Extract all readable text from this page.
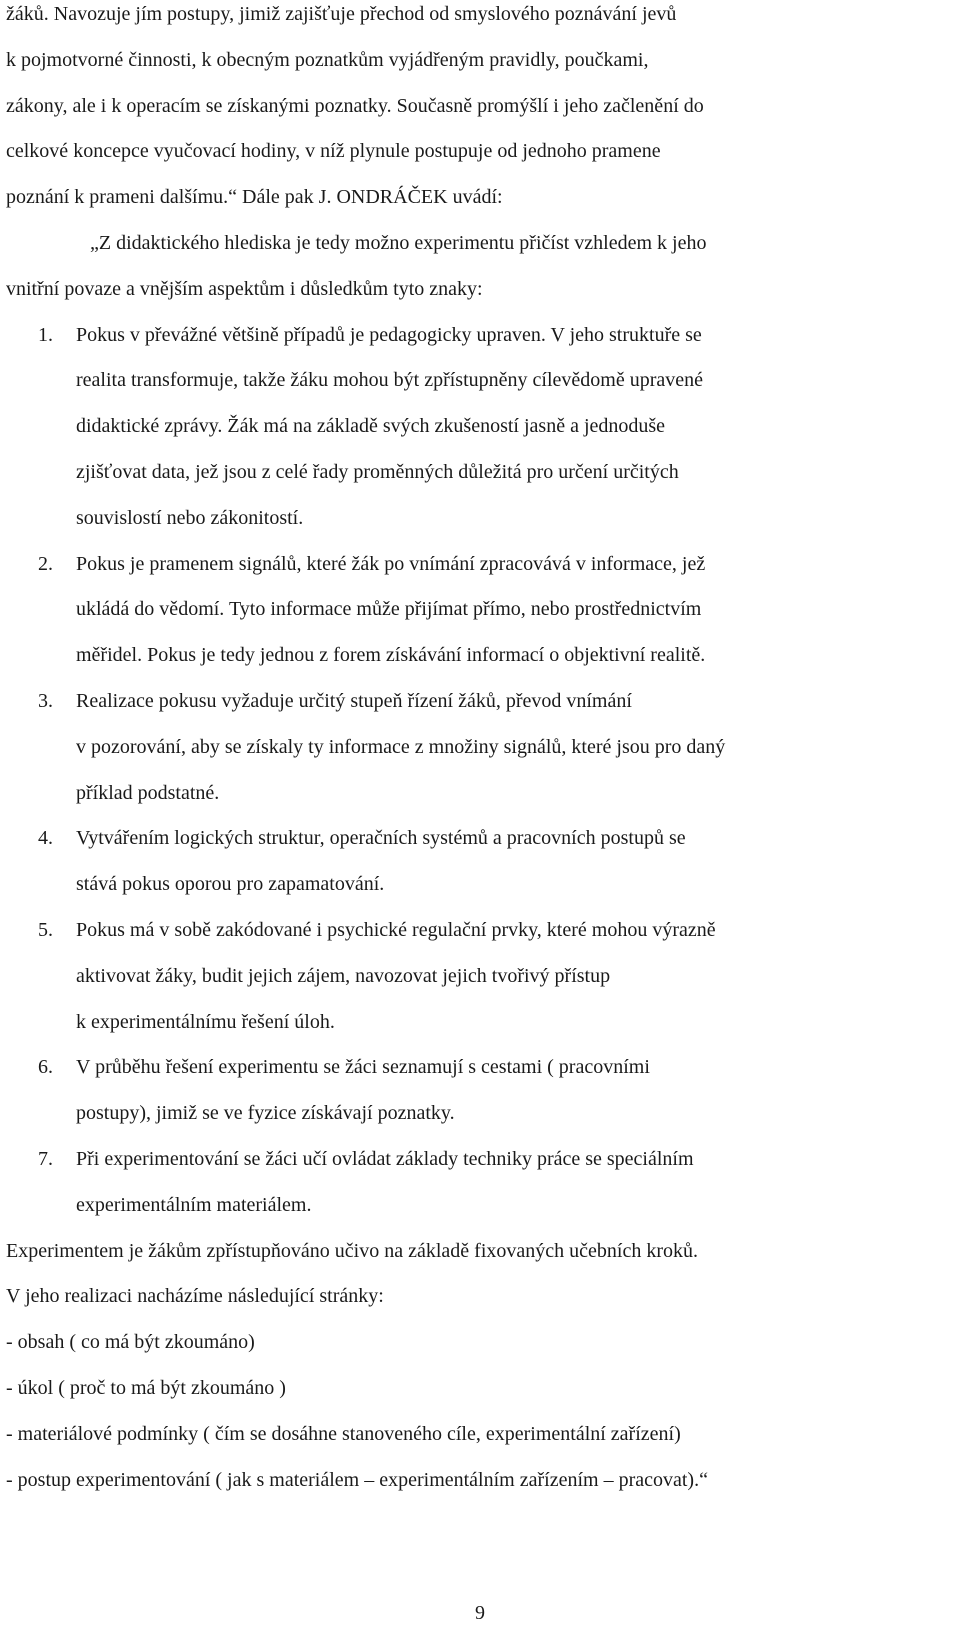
žáků. Navozuje jím postupy, jimiž zajišťuje přechod od smyslového poznávání jevů
k pojmotvorné činnosti, k obecným poznatkům vyjádřeným pravidly, poučkami,
zákony, ale i k operacím se získanými poznatky. Současně promýšlí i jeho začlenění do
celkové koncepce vyučovací hodiny, v níž plynule postupuje od jednoho pramene
poznání k prameni dalšímu.“ Dále pak J. ONDRÁČEK uvádí:
„Z didaktického hlediska je tedy možno experimentu přičíst vzhledem k jeho
vnitřní povaze a vnějším aspektům i důsledkům tyto znaky:
1.	Pokus v převážné většině případů je pedagogicky upraven. V jeho struktuře se
realita transformuje, takže žáku mohou být zpřístupněny cílevědomě upravené
didaktické zprávy. Žák má na základě svých zkušeností jasně a jednoduše
zjišťovat data, jež jsou z celé řady proměnných důležitá pro určení určitých
souvislostí nebo zákonitostí.
2.	Pokus je pramenem signálů, které žák po vnímání zpracovává v informace, jež
ukládá do vědomí. Tyto informace může přijímat přímo, nebo prostřednictvím
měřidel. Pokus je tedy jednou z forem získávání informací o objektivní realitě.
3.	Realizace pokusu vyžaduje určitý stupeň řízení žáků, převod vnímání
v pozorování, aby se získaly ty informace z množiny signálů, které jsou pro daný
příklad podstatné.
4.	Vytvářením logických struktur, operačních systémů a pracovních postupů se
stává pokus oporou pro zapamatování.
5.	Pokus má v sobě zakódované i psychické regulační prvky, které mohou výrazně
aktivovat žáky, budit jejich zájem, navozovat jejich tvořivý přístup
k experimentálnímu řešení úloh.
6.	V průběhu řešení experimentu se žáci seznamují s cestami ( pracovními
postupy), jimiž se ve fyzice získávají poznatky.
7.	Při experimentování se žáci učí ovládat základy techniky práce se speciálním
experimentálním materiálem.
Experimentem je žákům zpřístupňováno učivo na základě fixovaných učebních kroků.
V jeho realizaci nacházíme následující stránky:
- obsah ( co má být zkoumáno)
- úkol ( proč to má být zkoumáno )
- materiálové podmínky ( čím se dosáhne stanoveného cíle, experimentální zařízení)
- postup experimentování ( jak s materiálem – experimentálním zařízením – pracovat).“
9
